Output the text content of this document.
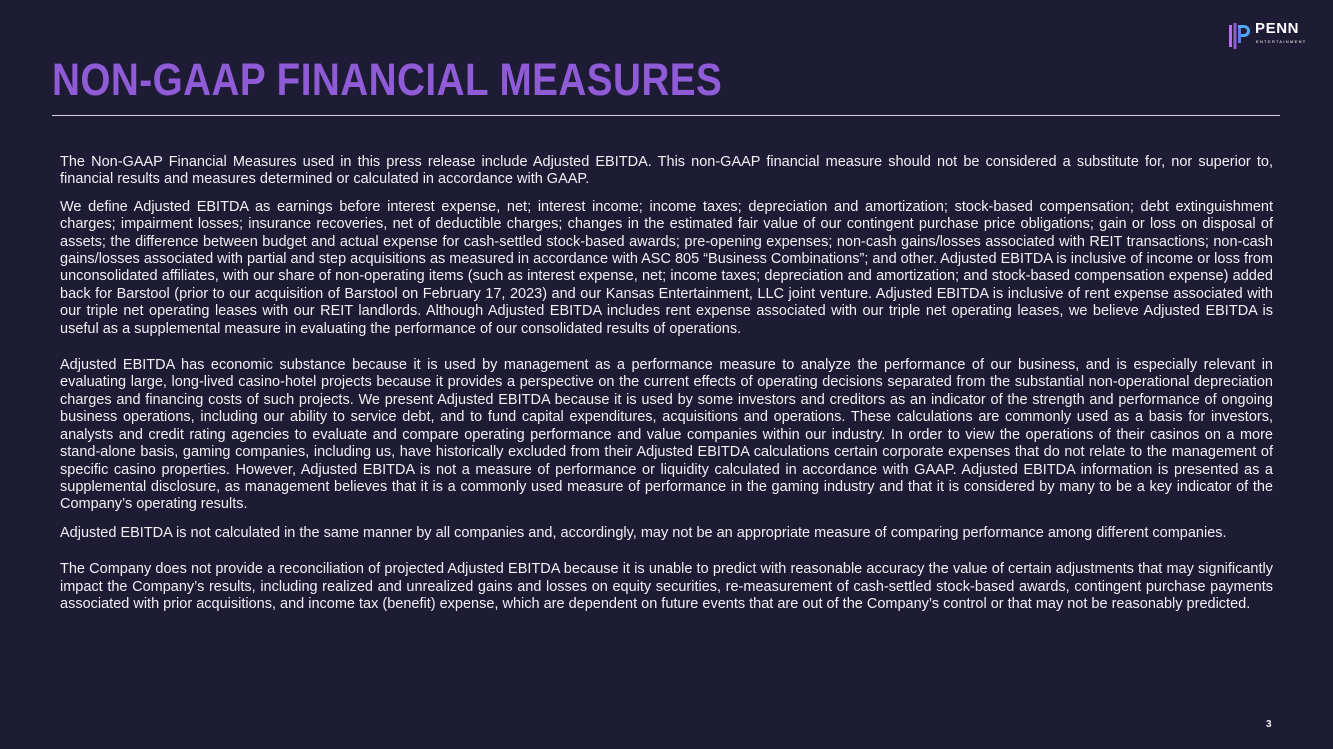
PENN
ENTERTAINMENT
NON-GAAP FINANCIAL MEASURES

The Non-GAAP Financial Measures used in this press release include Adjusted EBITDA. This non-GAAP financial measure should not be considered a substitute for, nor superior to, financial results and measures determined or calculated in accordance with GAAP.

We define Adjusted EBITDA as earnings before interest expense, net; interest income; income taxes; depreciation and amortization; stock-based compensation; debt extinguishment charges; impairment losses; insurance recoveries, net of deductible charges; changes in the estimated fair value of our contingent purchase price obligations; gain or loss on disposal of assets; the difference between budget and actual expense for cash-settled stock-based awards; pre-opening expenses; non-cash gains/losses associated with REIT transactions; non-cash gains/losses associated with partial and step acquisitions as measured in accordance with ASC 805 “Business Combinations”; and other. Adjusted EBITDA is inclusive of income or loss from unconsolidated affiliates, with our share of non-operating items (such as interest expense, net; income taxes; depreciation and amortization; and stock-based compensation expense) added back for Barstool (prior to our acquisition of Barstool on February 17, 2023) and our Kansas Entertainment, LLC joint venture. Adjusted EBITDA is inclusive of rent expense associated with our triple net operating leases with our REIT landlords. Although Adjusted EBITDA includes rent expense associated with our triple net operating leases, we believe Adjusted EBITDA is useful as a supplemental measure in evaluating the performance of our consolidated results of operations.

Adjusted EBITDA has economic substance because it is used by management as a performance measure to analyze the performance of our business, and is especially relevant in evaluating large, long-lived casino-hotel projects because it provides a perspective on the current effects of operating decisions separated from the substantial non-operational depreciation charges and financing costs of such projects. We present Adjusted EBITDA because it is used by some investors and creditors as an indicator of the strength and performance of ongoing business operations, including our ability to service debt, and to fund capital expenditures, acquisitions and operations. These calculations are commonly used as a basis for investors, analysts and credit rating agencies to evaluate and compare operating performance and value companies within our industry. In order to view the operations of their casinos on a more stand-alone basis, gaming companies, including us, have historically excluded from their Adjusted EBITDA calculations certain corporate expenses that do not relate to the management of specific casino properties. However, Adjusted EBITDA is not a measure of performance or liquidity calculated in accordance with GAAP. Adjusted EBITDA information is presented as a supplemental disclosure, as management believes that it is a commonly used measure of performance in the gaming industry and that it is considered by many to be a key indicator of the Company’s operating results.

Adjusted EBITDA is not calculated in the same manner by all companies and, accordingly, may not be an appropriate measure of comparing performance among different companies.

The Company does not provide a reconciliation of projected Adjusted EBITDA because it is unable to predict with reasonable accuracy the value of certain adjustments that may significantly impact the Company’s results, including realized and unrealized gains and losses on equity securities, re-measurement of cash-settled stock-based awards, contingent purchase payments associated with prior acquisitions, and income tax (benefit) expense, which are dependent on future events that are out of the Company’s control or that may not be reasonably predicted.

3
